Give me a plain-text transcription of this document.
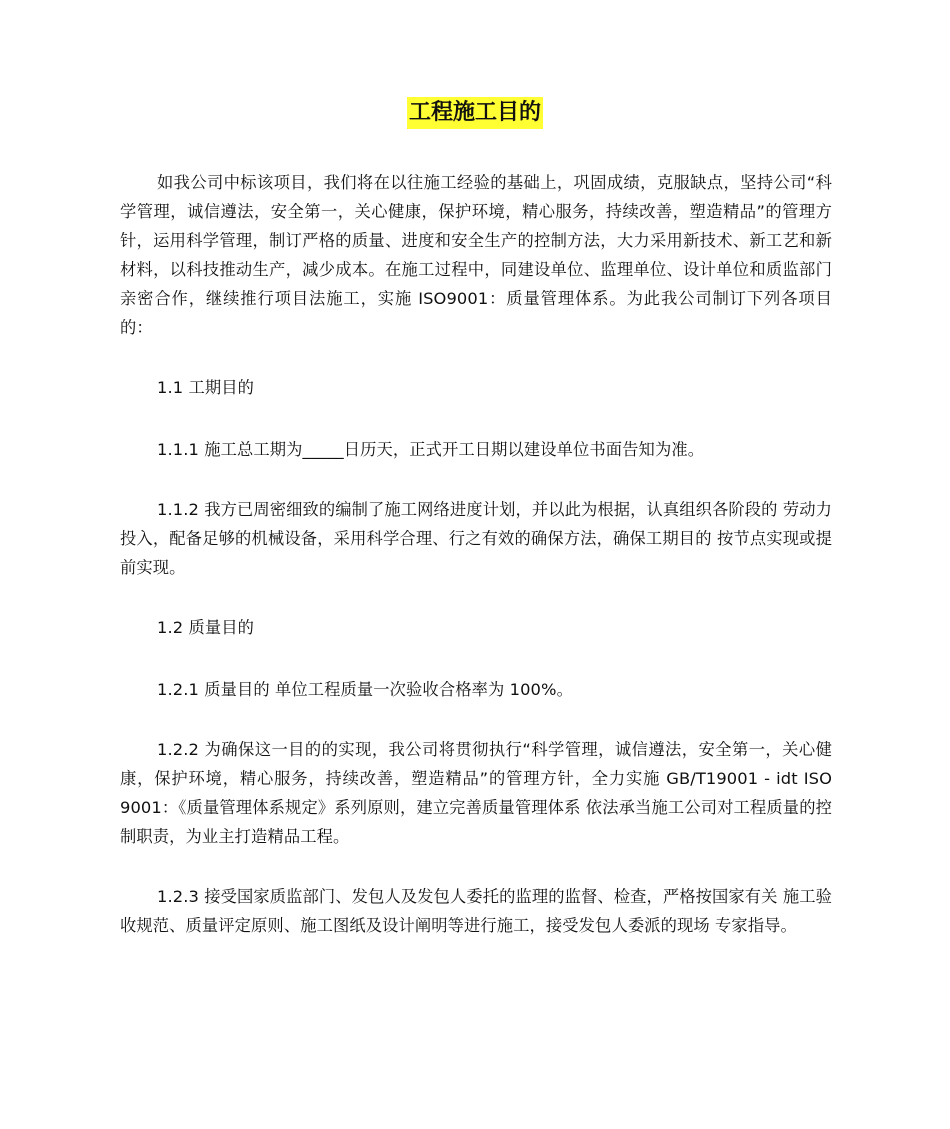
工程施工目的

如我公司中标该项目，我们将在以往施工经验的基础上，巩固成绩，克服缺点，坚持公司“科学管理，诚信遵法，安全第一，关心健康，保护环境，精心服务，持续改善，塑造精品”的管理方针，运用科学管理，制订严格的质量、进度和安全生产的控制方法，大力采用新技术、新工艺和新材料，以科技推动生产，减少成本。在施工过程中，同建设单位、监理单位、设计单位和质监部门亲密合作，继续推行项目法施工，实施 ISO9001：质量管理体系。为此我公司制订下列各项目的：

1.1 工期目的

1.1.1 施工总工期为_____日历天，正式开工日期以建设单位书面告知为准。

1.1.2 我方已周密细致的编制了施工网络进度计划，并以此为根据，认真组织各阶段的 劳动力投入，配备足够的机械设备，采用科学合理、行之有效的确保方法，确保工期目的 按节点实现或提前实现。

1.2 质量目的

1.2.1 质量目的 单位工程质量一次验收合格率为 100%。

1.2.2 为确保这一目的的实现，我公司将贯彻执行“科学管理，诚信遵法，安全第一，关心健康，保护环境，精心服务，持续改善，塑造精品”的管理方针，全力实施 GB/T19001 - idt ISO 9001：《质量管理体系规定》系列原则，建立完善质量管理体系 依法承当施工公司对工程质量的控制职责，为业主打造精品工程。

1.2.3 接受国家质监部门、发包人及发包人委托的监理的监督、检查，严格按国家有关 施工验收规范、质量评定原则、施工图纸及设计阐明等进行施工，接受发包人委派的现场 专家指导。
